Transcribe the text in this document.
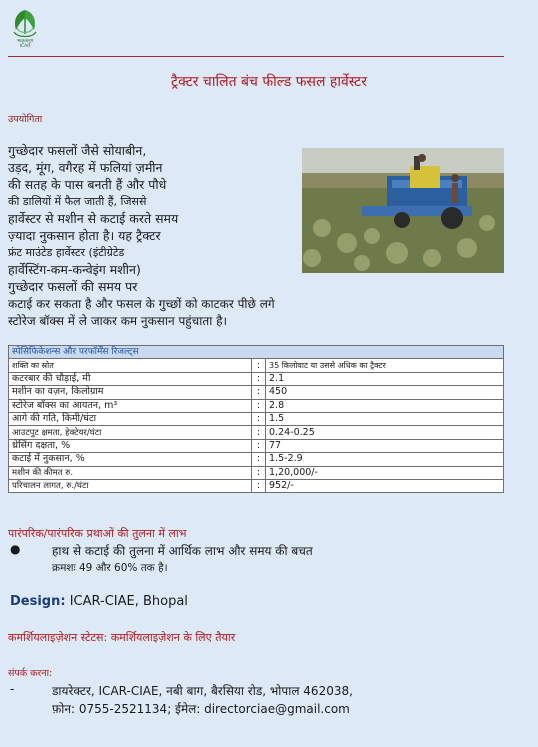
भाकृअनुप
ICAR
ट्रैक्टर चालित बंच फील्ड फसल हार्वेस्टर
उपयोगिता
गुच्छेदार फसलों जैसे सोयाबीन,
उड़द, मूंग, वगैरह में फलियां ज़मीन
की सतह के पास बनती हैं और पौधे
की डालियों में फैल जाती हैं, जिससे
हार्वेस्टर से मशीन से कटाई करते समय
ज़्यादा नुकसान होता है। यह ट्रैक्टर
फ्रंट माउंटेड हार्वेस्टर (इंटीग्रेटेड
हार्वेस्टिंग-कम-कन्वेइंग मशीन)
गुच्छेदार फसलों की समय पर
कटाई कर सकता है और फसल के गुच्छों को काटकर पीछे लगे
स्टोरेज बॉक्स में ले जाकर कम नुकसान पहुंचाता है।
स्पेसिफिकेशन्स और परफॉर्मेंस रिजल्ट्स		
शक्ति का स्रोत	:	35 किलोवाट या उससे अधिक का ट्रैक्टर
कटरबार की चौड़ाई, मी	:	2.1
मशीन का वज़न, किलोग्राम	:	450
स्टोरेज बॉक्स का आयतन, m³	:	2.8
आगे की गति, किमी/घंटा	:	1.5
आउटपुट क्षमता, हेक्टेयर/घंटा	:	0.24-0.25
थ्रेसिंग दक्षता, %	:	77
कटाई में नुकसान, %	:	1.5-2.9
मशीन की कीमत रु.	:	1,20,000/-
परिचालन लागत, रु./घंटा	:	952/-
पारंपरिक/पारंपरिक प्रथाओं की तुलना में लाभ
●	हाथ से कटाई की तुलना में आर्थिक लाभ और समय की बचत
क्रमशः 49 और 60% तक है।
Design: ICAR-CIAE, Bhopal
कमर्शियलाइज़ेशन स्टेटस: कमर्शियलाइज़ेशन के लिए तैयार
संपर्क करना:
-	डायरेक्टर, ICAR-CIAE, नबी बाग, बैरसिया रोड, भोपाल 462038,
फ़ोन: 0755-2521134; ईमेल: directorciae@gmail.com
